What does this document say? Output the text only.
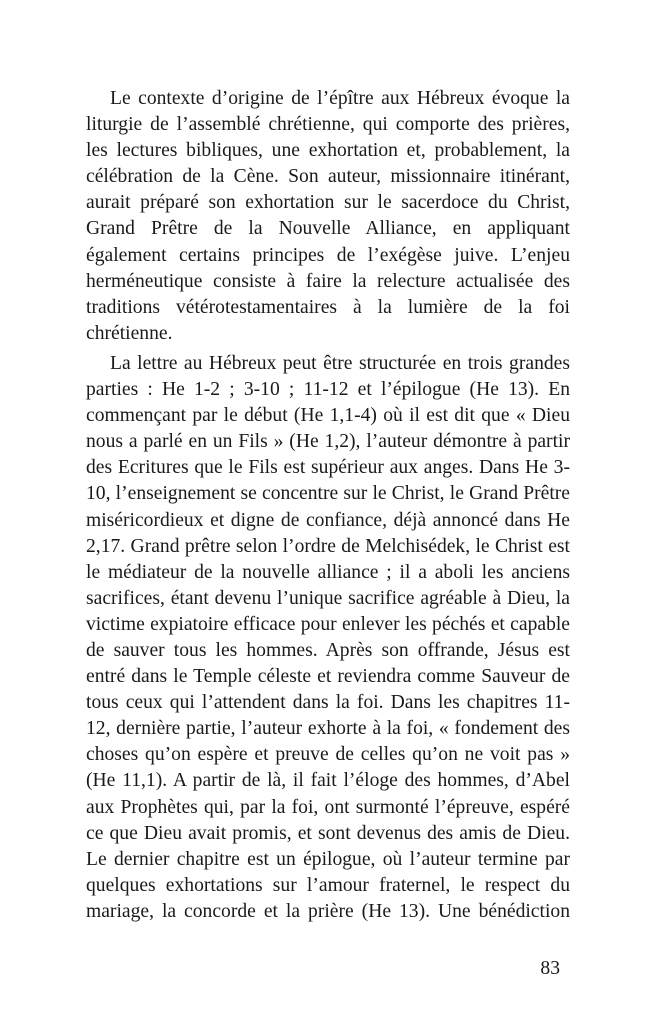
Le contexte d’origine de l’épître aux Hébreux évoque la liturgie de l’assemblé chrétienne, qui comporte des prières, les lectures bibliques, une exhortation et, probablement, la célébration de la Cène. Son auteur, missionnaire itinérant, aurait préparé son exhortation sur le sacerdoce du Christ, Grand Prêtre de la Nouvelle Alliance, en appliquant également certains principes de l’exégèse juive. L’enjeu herméneutique consiste à faire la relecture actualisée des traditions vétérotestamentaires à la lumière de la foi chrétienne.

La lettre au Hébreux peut être structurée en trois grandes parties : He 1-2 ; 3-10 ; 11-12 et l’épilogue (He 13). En commençant par le début (He 1,1-4) où il est dit que « Dieu nous a parlé en un Fils » (He 1,2), l’auteur démontre à partir des Ecritures que le Fils est supérieur aux anges. Dans He 3-10, l’enseignement se concentre sur le Christ, le Grand Prêtre miséricordieux et digne de confiance, déjà annoncé dans He 2,17. Grand prêtre selon l’ordre de Melchisédek, le Christ est le médiateur de la nouvelle alliance ; il a aboli les anciens sacrifices, étant devenu l’unique sacrifice agréable à Dieu, la victime expiatoire efficace pour enlever les péchés et capable de sauver tous les hommes. Après son offrande, Jésus est entré dans le Temple céleste et reviendra comme Sauveur de tous ceux qui l’attendent dans la foi. Dans les chapitres 11-12, dernière partie, l’auteur exhorte à la foi, « fondement des choses qu’on espère et preuve de celles qu’on ne voit pas » (He 11,1). A partir de là, il fait l’éloge des hommes, d’Abel aux Prophètes qui, par la foi, ont surmonté l’épreuve, espéré ce que Dieu avait promis, et sont devenus des amis de Dieu. Le dernier chapitre est un épilogue, où l’auteur termine par quelques exhortations sur l’amour fraternel, le respect du mariage, la concorde et la prière (He 13). Une bénédiction

83
